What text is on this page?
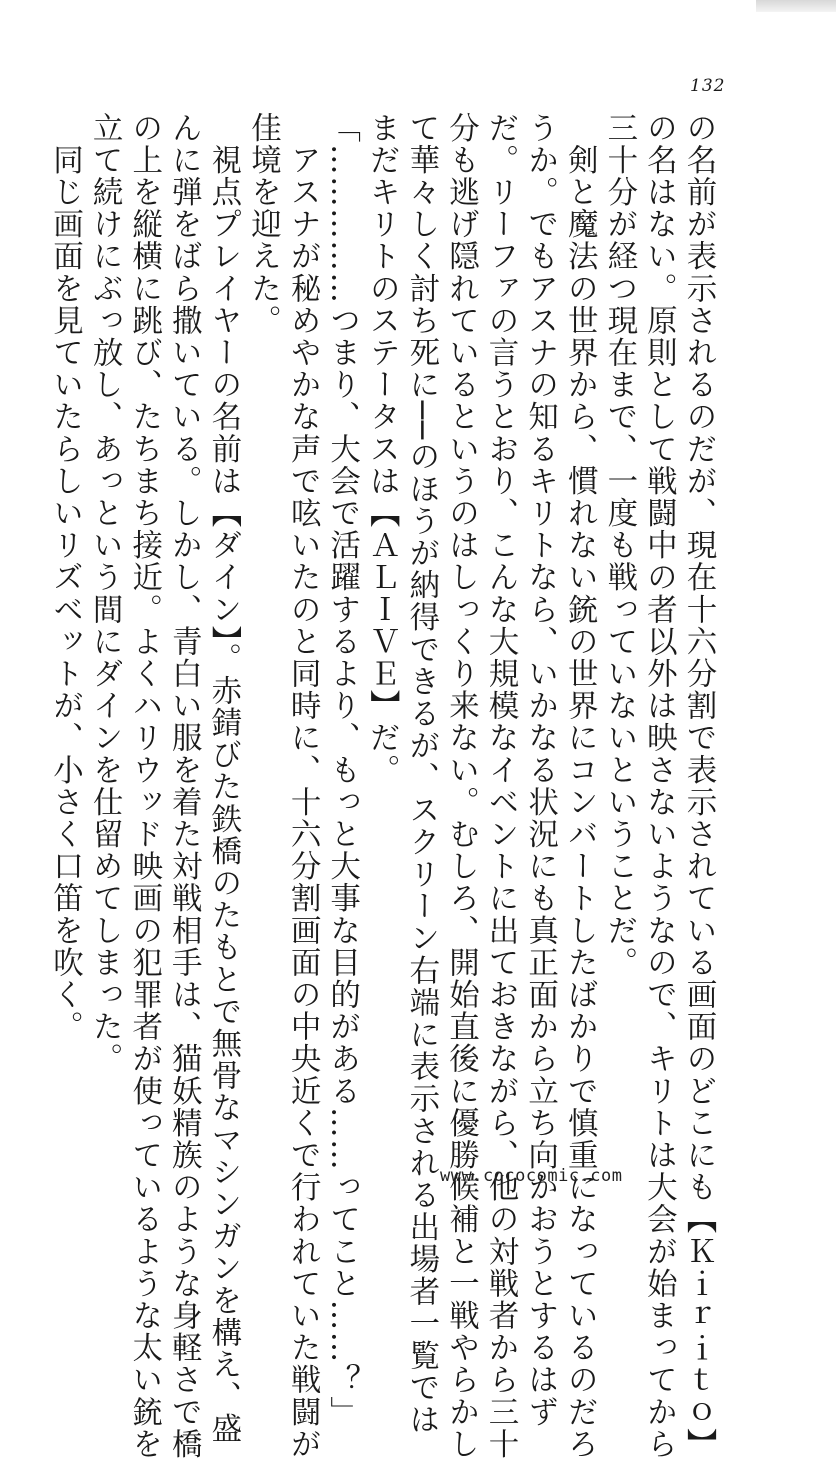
132
の名前が表示されるのだが、現在十六分割で表示されている画面のどこにも【Ｋｉｒｉｔｏ】
の名はない。原則として戦闘中の者以外は映さないようなので、キリトは大会が始まってから
三十分が経つ現在まで、一度も戦っていないということだ。
　剣と魔法の世界から、慣れない銃の世界にコンバートしたばかりで慎重になっているのだろ
うか。でもアスナの知るキリトなら、いかなる状況にも真正面から立ち向かおうとするはず
だ。リーファの言うとおり、こんな大規模なイベントに出ておきながら、他の対戦者から三十
分も逃げ隠れているというのはしっくり来ない。むしろ、開始直後に優勝候補と一戦やらかし
て華々しく討ち死に──のほうが納得できるが、スクリーン右端に表示される出場者一覧では
まだキリトのステータスは【ＡＬＩＶＥ】だ。
「……………つまり、大会で活躍するより、もっと大事な目的がある……ってこと……？」
　アスナが秘めやかな声で呟いたのと同時に、十六分割画面の中央近くで行われていた戦闘が
佳境を迎えた。
　視点プレイヤーの名前は【ダイン】。赤錆びた鉄橋のたもとで無骨なマシンガンを構え、盛
んに弾をばら撒いている。しかし、青白い服を着た対戦相手は、猫妖精族のような身軽さで橋
の上を縦横に跳び、たちまち接近。よくハリウッド映画の犯罪者が使っているような太い銃を
立て続けにぶっ放し、あっという間にダインを仕留めてしまった。
　同じ画面を見ていたらしいリズベットが、小さく口笛を吹く。
www.cococomic.com
